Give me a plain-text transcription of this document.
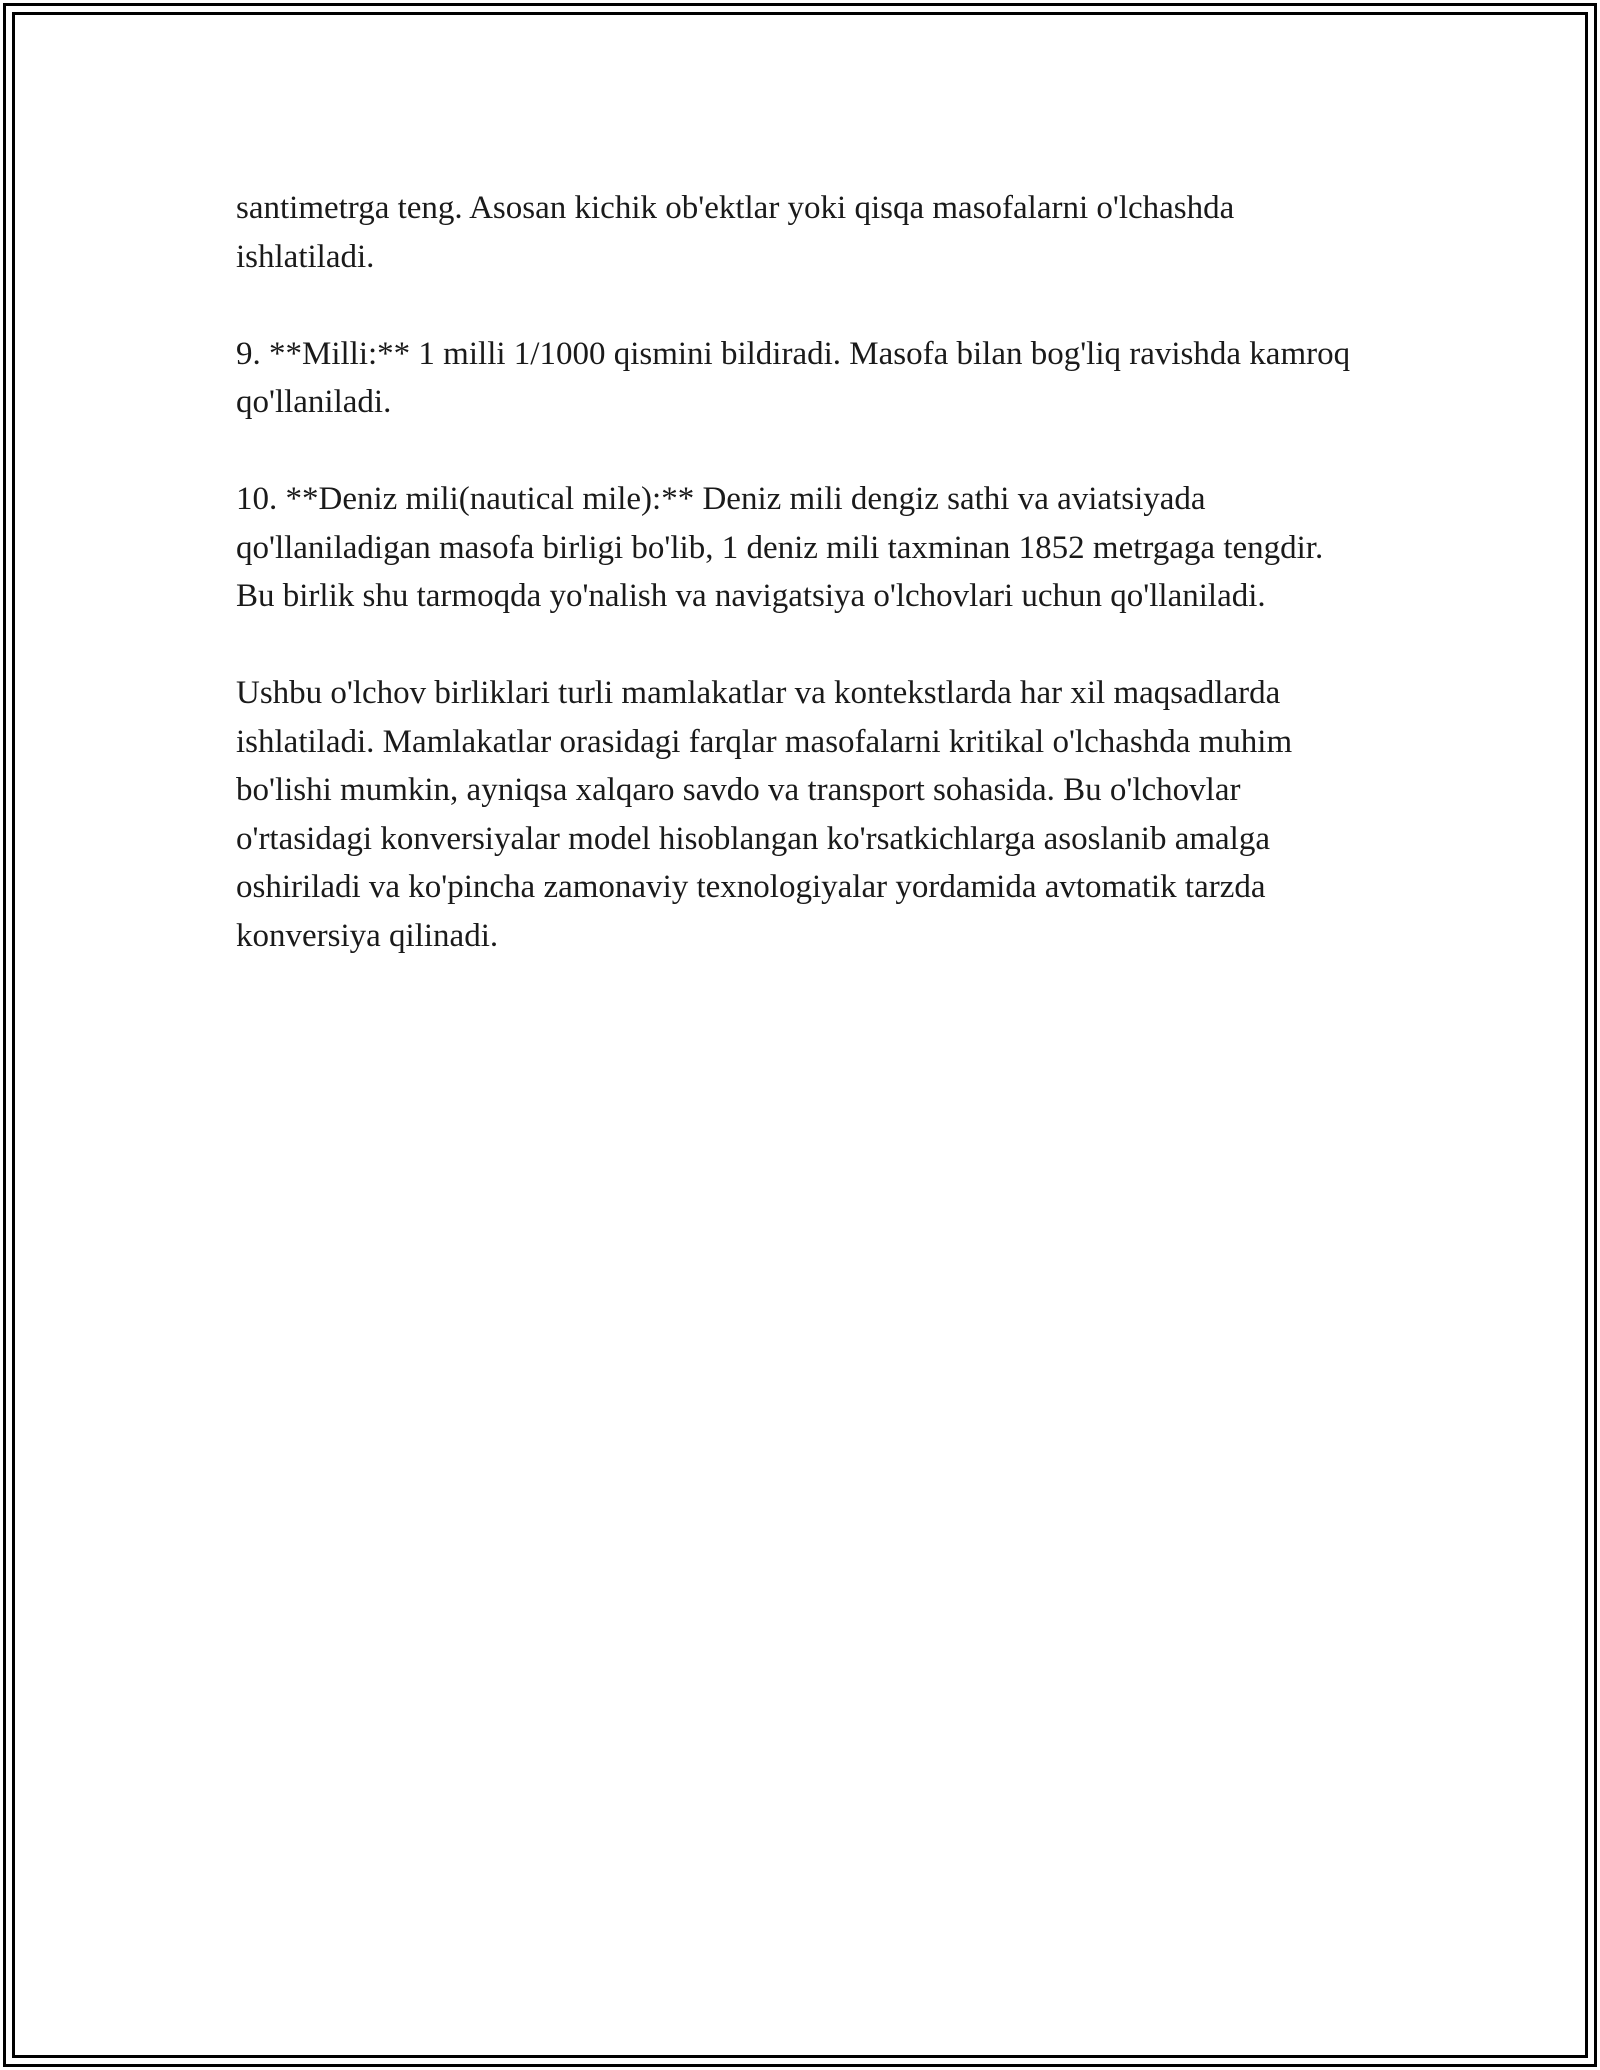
santimetrga teng. Asosan kichik ob'ektlar yoki qisqa masofalarni o'lchashda ishlatiladi.

9. **Milli:** 1 milli 1/1000 qismini bildiradi. Masofa bilan bog'liq ravishda kamroq qo'llaniladi.

10. **Deniz mili(nautical mile):** Deniz mili dengiz sathi va aviatsiyada qo'llaniladigan masofa birligi bo'lib, 1 deniz mili taxminan 1852 metrgaga tengdir. Bu birlik shu tarmoqda yo'nalish va navigatsiya o'lchovlari uchun qo'llaniladi.

Ushbu o'lchov birliklari turli mamlakatlar va kontekstlarda har xil maqsadlarda ishlatiladi. Mamlakatlar orasidagi farqlar masofalarni kritikal o'lchashda muhim bo'lishi mumkin, ayniqsa xalqaro savdo va transport sohasida. Bu o'lchovlar o'rtasidagi konversiyalar model hisoblangan ko'rsatkichlarga asoslanib amalga oshiriladi va ko'pincha zamonaviy texnologiyalar yordamida avtomatik tarzda konversiya qilinadi.
